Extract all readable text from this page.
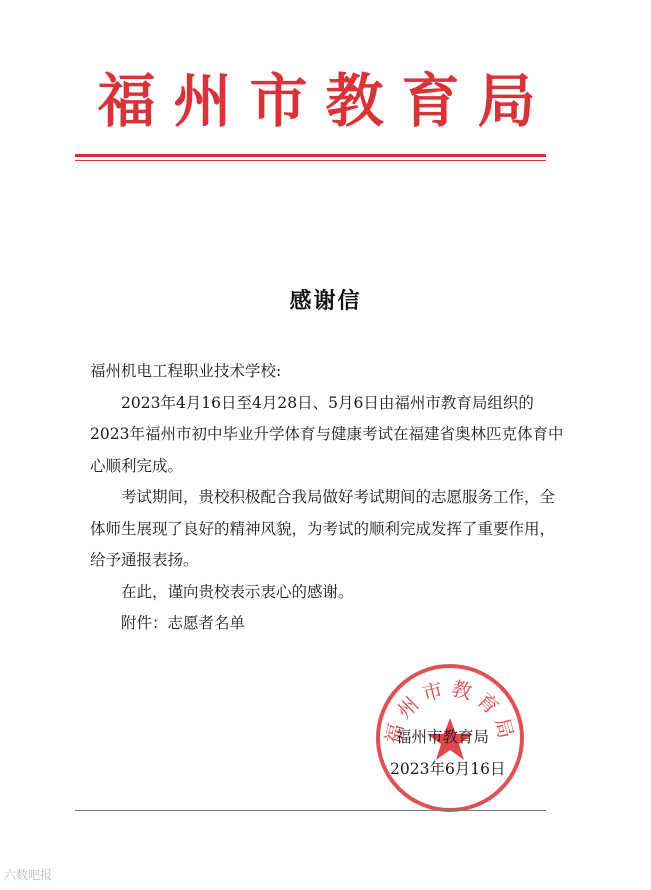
福州市教育局
感谢信

福州机电工程职业技术学校:

2023年4月16日至4月28日、5月6日由福州市教育局组织的2023年福州市初中毕业升学体育与健康考试在福建省奥林匹克体育中心顺利完成。

考试期间，贵校积极配合我局做好考试期间的志愿服务工作，全体师生展现了良好的精神风貌，为考试的顺利完成发挥了重要作用，给予通报表扬。

在此，谨向贵校表示衷心的感谢。

附件：志愿者名单

福州市教育局
福州市教育局
2023年6月16日
六数吧报
